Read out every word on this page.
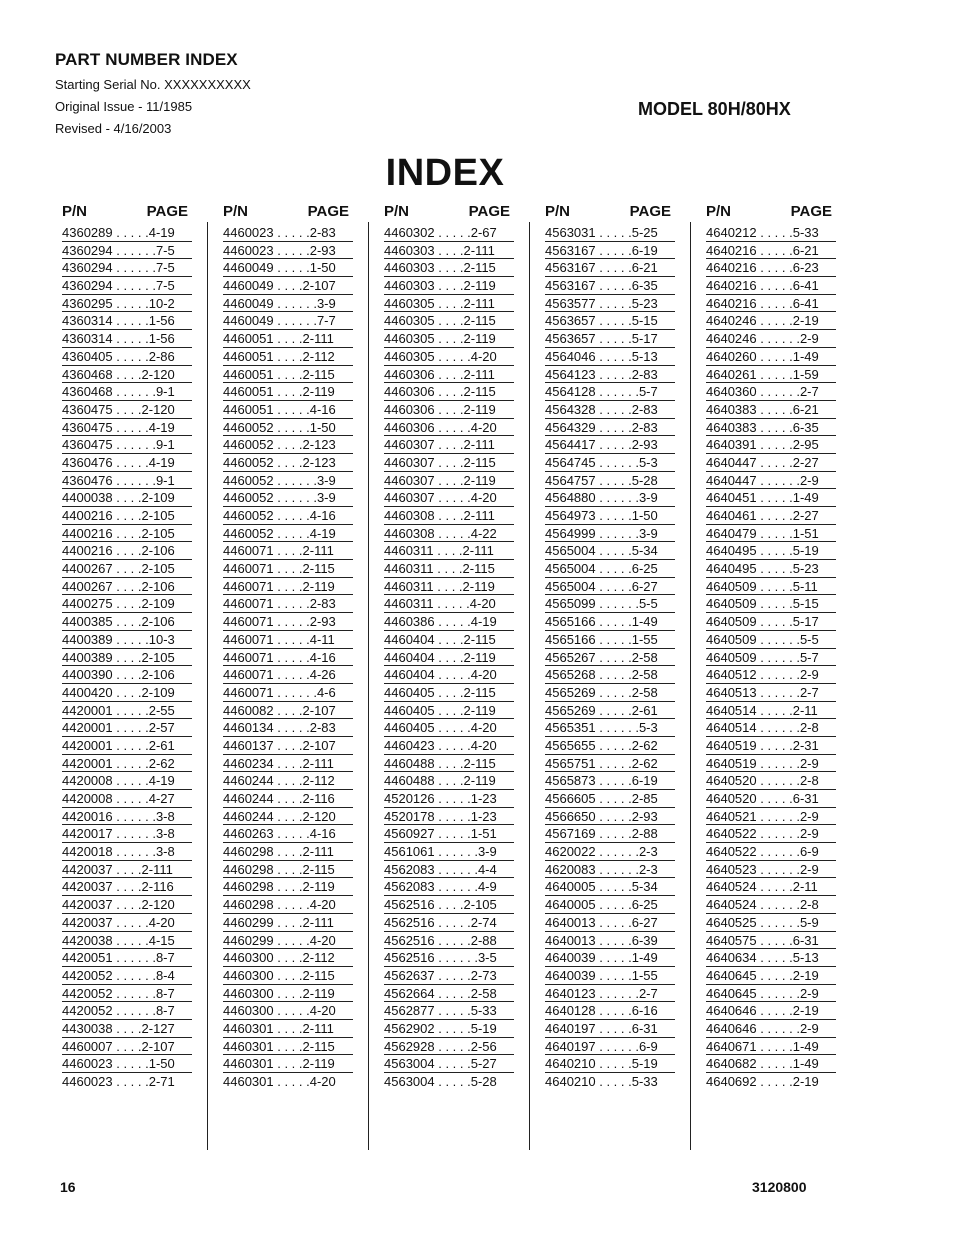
PART NUMBER INDEX
Starting Serial No. XXXXXXXXXX
Original Issue - 11/1985
Revised - 4/16/2003
MODEL 80H/80HX
INDEX
P/N	PAGE
4360289 . . . . .4-19
4360294 . . . . . .7-5
4360294 . . . . . .7-5
4360294 . . . . . .7-5
4360295 . . . . .10-2
4360314 . . . . .1-56
4360314 . . . . .1-56
4360405 . . . . .2-86
4360468 . . . .2-120
4360468 . . . . . .9-1
4360475 . . . .2-120
4360475 . . . . .4-19
4360475 . . . . . .9-1
4360476 . . . . .4-19
4360476 . . . . . .9-1
4400038 . . . .2-109
4400216 . . . .2-105
4400216 . . . .2-105
4400216 . . . .2-106
4400267 . . . .2-105
4400267 . . . .2-106
4400275 . . . .2-109
4400385 . . . .2-106
4400389 . . . . .10-3
4400389 . . . .2-105
4400390 . . . .2-106
4400420 . . . .2-109
4420001 . . . . .2-55
4420001 . . . . .2-57
4420001 . . . . .2-61
4420001 . . . . .2-62
4420008 . . . . .4-19
4420008 . . . . .4-27
4420016 . . . . . .3-8
4420017 . . . . . .3-8
4420018 . . . . . .3-8
4420037 . . . .2-111
4420037 . . . .2-116
4420037 . . . .2-120
4420037 . . . . .4-20
4420038 . . . . .4-15
4420051 . . . . . .8-7
4420052 . . . . . .8-4
4420052 . . . . . .8-7
4420052 . . . . . .8-7
4430038 . . . .2-127
4460007 . . . .2-107
4460023 . . . . .1-50
4460023 . . . . .2-71
P/N	PAGE
4460023 . . . . .2-83
4460023 . . . . .2-93
4460049 . . . . .1-50
4460049 . . . .2-107
4460049 . . . . . .3-9
4460049 . . . . . .7-7
4460051 . . . .2-111
4460051 . . . .2-112
4460051 . . . .2-115
4460051 . . . .2-119
4460051 . . . . .4-16
4460052 . . . . .1-50
4460052 . . . .2-123
4460052 . . . .2-123
4460052 . . . . . .3-9
4460052 . . . . . .3-9
4460052 . . . . .4-16
4460052 . . . . .4-19
4460071 . . . .2-111
4460071 . . . .2-115
4460071 . . . .2-119
4460071 . . . . .2-83
4460071 . . . . .2-93
4460071 . . . . .4-11
4460071 . . . . .4-16
4460071 . . . . .4-26
4460071 . . . . . .4-6
4460082 . . . .2-107
4460134 . . . . .2-83
4460137 . . . .2-107
4460234 . . . .2-111
4460244 . . . .2-112
4460244 . . . .2-116
4460244 . . . .2-120
4460263 . . . . .4-16
4460298 . . . .2-111
4460298 . . . .2-115
4460298 . . . .2-119
4460298 . . . . .4-20
4460299 . . . .2-111
4460299 . . . . .4-20
4460300 . . . .2-112
4460300 . . . .2-115
4460300 . . . .2-119
4460300 . . . . .4-20
4460301 . . . .2-111
4460301 . . . .2-115
4460301 . . . .2-119
4460301 . . . . .4-20
P/N	PAGE
4460302 . . . . .2-67
4460303 . . . .2-111
4460303 . . . .2-115
4460303 . . . .2-119
4460305 . . . .2-111
4460305 . . . .2-115
4460305 . . . .2-119
4460305 . . . . .4-20
4460306 . . . .2-111
4460306 . . . .2-115
4460306 . . . .2-119
4460306 . . . . .4-20
4460307 . . . .2-111
4460307 . . . .2-115
4460307 . . . .2-119
4460307 . . . . .4-20
4460308 . . . .2-111
4460308 . . . . .4-22
4460311 . . . .2-111
4460311 . . . .2-115
4460311 . . . .2-119
4460311 . . . . .4-20
4460386 . . . . .4-19
4460404 . . . .2-115
4460404 . . . .2-119
4460404 . . . . .4-20
4460405 . . . .2-115
4460405 . . . .2-119
4460405 . . . . .4-20
4460423 . . . . .4-20
4460488 . . . .2-115
4460488 . . . .2-119
4520126 . . . . .1-23
4520178 . . . . .1-23
4560927 . . . . .1-51
4561061 . . . . . .3-9
4562083 . . . . . .4-4
4562083 . . . . . .4-9
4562516 . . . .2-105
4562516 . . . . .2-74
4562516 . . . . .2-88
4562516 . . . . . .3-5
4562637 . . . . .2-73
4562664 . . . . .2-58
4562877 . . . . .5-33
4562902 . . . . .5-19
4562928 . . . . .2-56
4563004 . . . . .5-27
4563004 . . . . .5-28
P/N	PAGE
4563031 . . . . .5-25
4563167 . . . . .6-19
4563167 . . . . .6-21
4563167 . . . . .6-35
4563577 . . . . .5-23
4563657 . . . . .5-15
4563657 . . . . .5-17
4564046 . . . . .5-13
4564123 . . . . .2-83
4564128 . . . . . .5-7
4564328 . . . . .2-83
4564329 . . . . .2-83
4564417 . . . . .2-93
4564745 . . . . . .5-3
4564757 . . . . .5-28
4564880 . . . . . .3-9
4564973 . . . . .1-50
4564999 . . . . . .3-9
4565004 . . . . .5-34
4565004 . . . . .6-25
4565004 . . . . .6-27
4565099 . . . . . .5-5
4565166 . . . . .1-49
4565166 . . . . .1-55
4565267 . . . . .2-58
4565268 . . . . .2-58
4565269 . . . . .2-58
4565269 . . . . .2-61
4565351 . . . . . .5-3
4565655 . . . . .2-62
4565751 . . . . .2-62
4565873 . . . . .6-19
4566605 . . . . .2-85
4566650 . . . . .2-93
4567169 . . . . .2-88
4620022 . . . . . .2-3
4620083 . . . . . .2-3
4640005 . . . . .5-34
4640005 . . . . .6-25
4640013 . . . . .6-27
4640013 . . . . .6-39
4640039 . . . . .1-49
4640039 . . . . .1-55
4640123 . . . . . .2-7
4640128 . . . . .6-16
4640197 . . . . .6-31
4640197 . . . . . .6-9
4640210 . . . . .5-19
4640210 . . . . .5-33
P/N	PAGE
4640212 . . . . .5-33
4640216 . . . . .6-21
4640216 . . . . .6-23
4640216 . . . . .6-41
4640216 . . . . .6-41
4640246 . . . . .2-19
4640246 . . . . . .2-9
4640260 . . . . .1-49
4640261 . . . . .1-59
4640360 . . . . . .2-7
4640383 . . . . .6-21
4640383 . . . . .6-35
4640391 . . . . .2-95
4640447 . . . . .2-27
4640447 . . . . . .2-9
4640451 . . . . .1-49
4640461 . . . . .2-27
4640479 . . . . .1-51
4640495 . . . . .5-19
4640495 . . . . .5-23
4640509 . . . . .5-11
4640509 . . . . .5-15
4640509 . . . . .5-17
4640509 . . . . . .5-5
4640509 . . . . . .5-7
4640512 . . . . . .2-9
4640513 . . . . . .2-7
4640514 . . . . .2-11
4640514 . . . . . .2-8
4640519 . . . . .2-31
4640519 . . . . . .2-9
4640520 . . . . . .2-8
4640520 . . . . .6-31
4640521 . . . . . .2-9
4640522 . . . . . .2-9
4640522 . . . . . .6-9
4640523 . . . . . .2-9
4640524 . . . . .2-11
4640524 . . . . . .2-8
4640525 . . . . . .5-9
4640575 . . . . .6-31
4640634 . . . . .5-13
4640645 . . . . .2-19
4640645 . . . . . .2-9
4640646 . . . . .2-19
4640646 . . . . . .2-9
4640671 . . . . .1-49
4640682 . . . . .1-49
4640692 . . . . .2-19
16	3120800
